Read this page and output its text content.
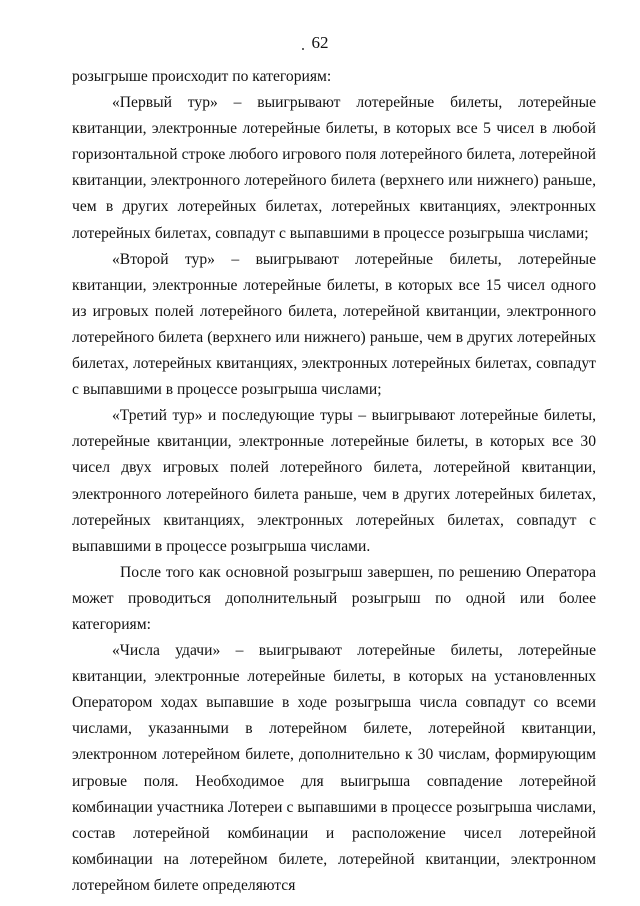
62

розыгрыше происходит по категориям:

«Первый тур» – выигрывают лотерейные билеты, лотерейные квитанции, электронные лотерейные билеты, в которых все 5 чисел в любой горизонтальной строке любого игрового поля лотерейного билета, лотерейной квитанции, электронного лотерейного билета (верхнего или нижнего) раньше, чем в других лотерейных билетах, лотерейных квитанциях, электронных лотерейных билетах, совпадут с выпавшими в процессе розыгрыша числами;

«Второй тур» – выигрывают лотерейные билеты, лотерейные квитанции, электронные лотерейные билеты, в которых все 15 чисел одного из игровых полей лотерейного билета, лотерейной квитанции, электронного лотерейного билета (верхнего или нижнего) раньше, чем в других лотерейных билетах, лотерейных квитанциях, электронных лотерейных билетах, совпадут с выпавшими в процессе розыгрыша числами;

«Третий тур» и последующие туры – выигрывают лотерейные билеты, лотерейные квитанции, электронные лотерейные билеты, в которых все 30 чисел двух игровых полей лотерейного билета, лотерейной квитанции, электронного лотерейного билета раньше, чем в других лотерейных билетах, лотерейных квитанциях, электронных лотерейных билетах, совпадут с выпавшими в процессе розыгрыша числами.

После того как основной розыгрыш завершен, по решению Оператора может проводиться дополнительный розыгрыш по одной или более категориям:

«Числа удачи» – выигрывают лотерейные билеты, лотерейные квитанции, электронные лотерейные билеты, в которых на установленных Оператором ходах выпавшие в ходе розыгрыша числа совпадут со всеми числами, указанными в лотерейном билете, лотерейной квитанции, электронном лотерейном билете, дополнительно к 30 числам, формирующим игровые поля. Необходимое для выигрыша совпадение лотерейной комбинации участника Лотереи с выпавшими в процессе розыгрыша числами, состав лотерейной комбинации и расположение чисел лотерейной комбинации на лотерейном билете, лотерейной квитанции, электронном лотерейном билете определяются
